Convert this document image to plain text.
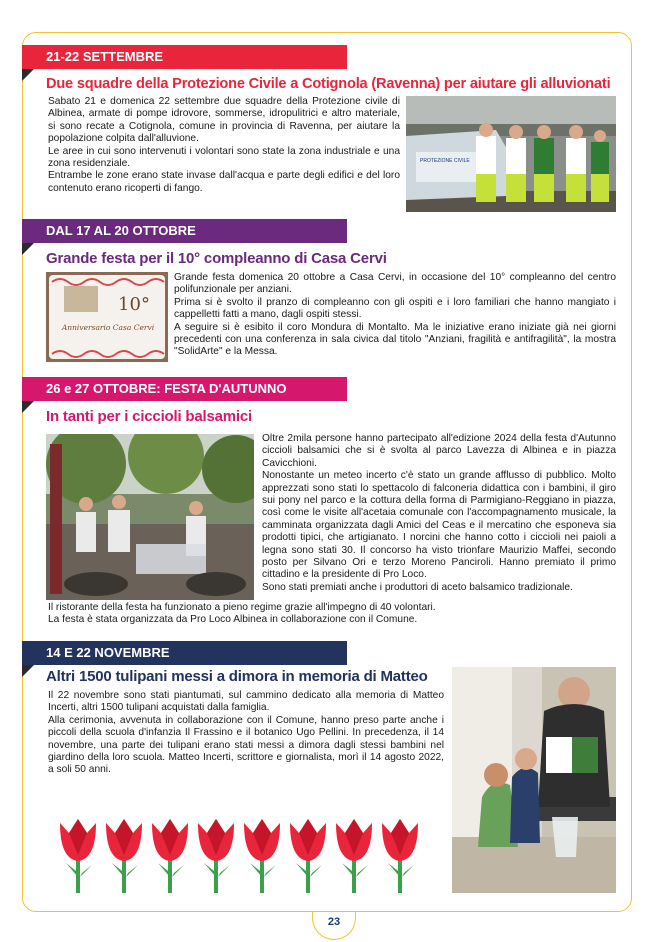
21-22 SETTEMBRE
Due squadre della Protezione Civile a Cotignola (Ravenna) per aiutare gli alluvionati

Sabato 21 e domenica 22 settembre due squadre della Protezione civile di Albinea, armate di pompe idrovore, sommerse, idropulitrici e altro materiale, si sono recate a Cotignola, comune in provincia di Ravenna, per aiutare la popolazione colpita dall'alluvione.

Le aree in cui sono intervenuti i volontari sono state la zona industriale e una zona residenziale.

Entrambe le zone erano state invase dall'acqua e parte degli edifici e del loro contenuto erano ricoperti di fango.

PROTEZIONE CIVILE
DAL 17 AL 20 OTTOBRE
Grande festa per il 10° compleanno di Casa Cervi
10°
Anniversario Casa Cervi

Grande festa domenica 20 ottobre a Casa Cervi, in occasione del 10° compleanno del centro polifunzionale per anziani.

Prima si è svolto il pranzo di compleanno con gli ospiti e i loro familiari che hanno mangiato i cappelletti fatti a mano, dagli ospiti stessi.

A seguire si è esibito il coro Mondura di Montalto. Ma le iniziative erano iniziate già nei giorni precedenti con una conferenza in sala civica dal titolo "Anziani, fragilità e antifragilità", la mostra "SolidArte" e la Messa.

26 e 27 OTTOBRE: FESTA D'AUTUNNO
In tanti per i ciccioli balsamici

Oltre 2mila persone hanno partecipato all'edizione 2024 della festa d'Autunno ciccioli balsamici che si è svolta al parco Lavezza di Albinea e in piazza Cavicchioni.

Nonostante un meteo incerto c'è stato un grande afflusso di pubblico. Molto apprezzati sono stati lo spettacolo di falconeria didattica con i bambini, il giro sui pony nel parco e la cottura della forma di Parmigiano-Reggiano in piazza, così come le visite all'acetaia comunale con l'accompagnamento musicale, la camminata organizzata dagli Amici del Ceas e il mercatino che esponeva sia prodotti tipici, che artigianato. I norcini che hanno cotto i ciccioli nei paioli a legna sono stati 30. Il concorso ha visto trionfare Maurizio Maffei, secondo posto per Silvano Ori e terzo Moreno Panciroli. Hanno premiato il primo cittadino e la presidente di Pro Loco.

Sono stati premiati anche i produttori di aceto balsamico tradizionale.

Il ristorante della festa ha funzionato a pieno regime grazie all'impegno di 40 volontari.

La festa è stata organizzata da Pro Loco Albinea in collaborazione con il Comune.

14 E 22 NOVEMBRE
Altri 1500 tulipani messi a dimora in memoria di Matteo

Il 22 novembre sono stati piantumati, sul cammino dedicato alla memoria di Matteo Incerti, altri 1500 tulipani acquistati dalla famiglia.

Alla cerimonia, avvenuta in collaborazione con il Comune, hanno preso parte anche i piccoli della scuola d'infanzia Il Frassino e il botanico Ugo Pellini. In precedenza, il 14 novembre, una parte dei tulipani erano stati messi a dimora dagli stessi bambini nel giardino della loro scuola. Matteo Incerti, scrittore e giornalista, morì il 14 agosto 2022, a soli 50 anni.

23
